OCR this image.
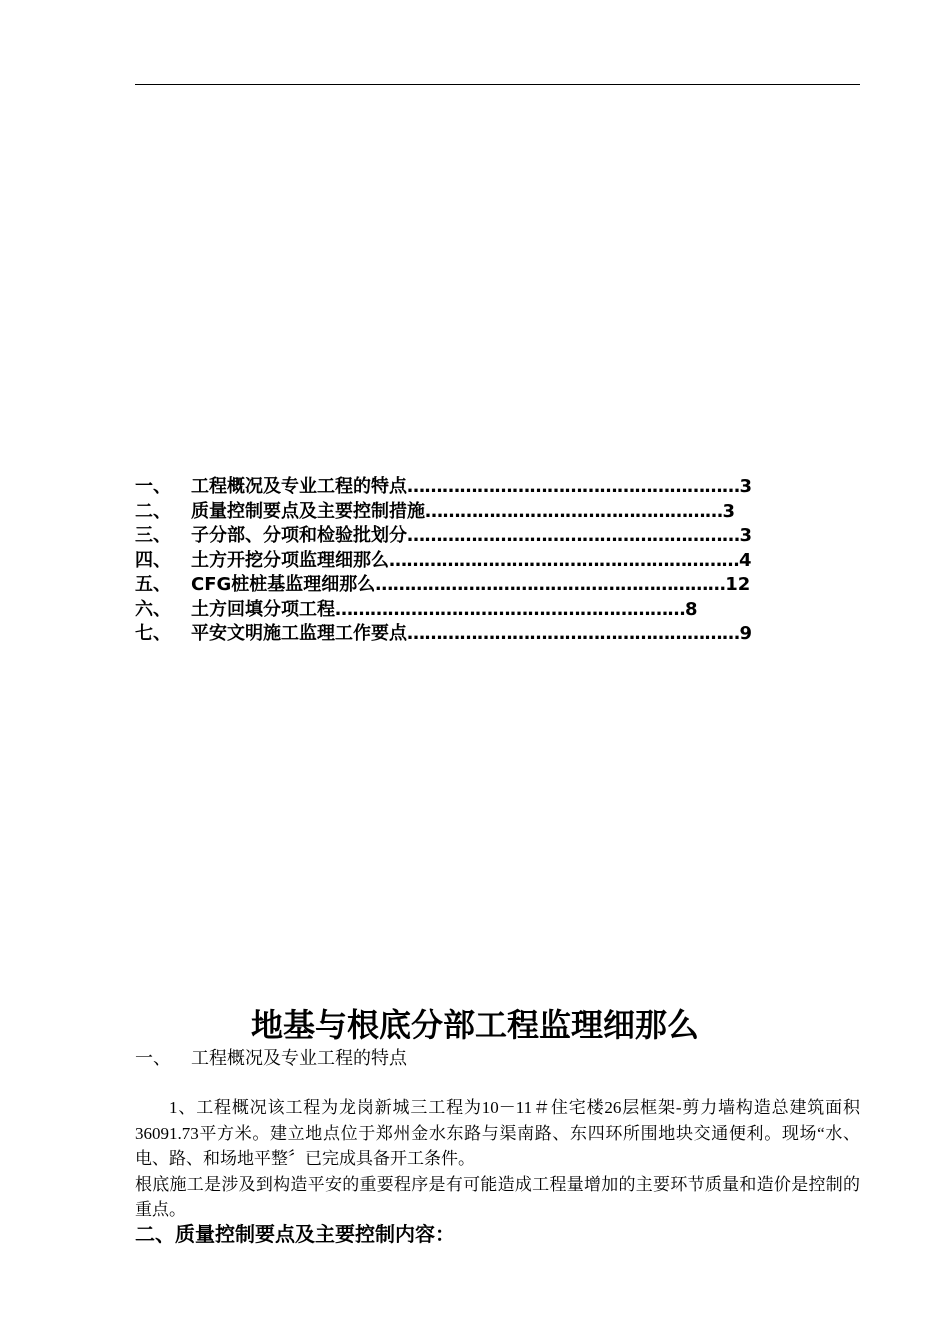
一、	工程概况及专业工程的特点 ………………………………………………… 3
二、	质量控制要点及主要控制措施 …………………………………………… 3
三、	子分部、分项和检验批划分 ………………………………………………… 3
四、	土方开挖分项监理细那么 …………………………………………………… 4
五、	CFG桩桩基监理细那么 …………………………………………………… 12
六、	土方回填分项工程 …………………………………………………… 8
七、	平安文明施工监理工作要点 ………………………………………………… 9
地基与根底分部工程监理细那么
一、	工程概况及专业工程的特点

1、工程概况该工程为龙岗新城三工程为10－11＃住宅楼26层框架-剪力墙构造总建筑面积36091.73平方米。建立地点位于郑州金水东路与渠南路、东四环所围地块交通便利。现场“水、电、路、和场地平整〞已完成具备开工条件。

根底施工是涉及到构造平安的重要程序是有可能造成工程量增加的主要环节质量和造价是控制的重点。

二、质量控制要点及主要控制内容：
